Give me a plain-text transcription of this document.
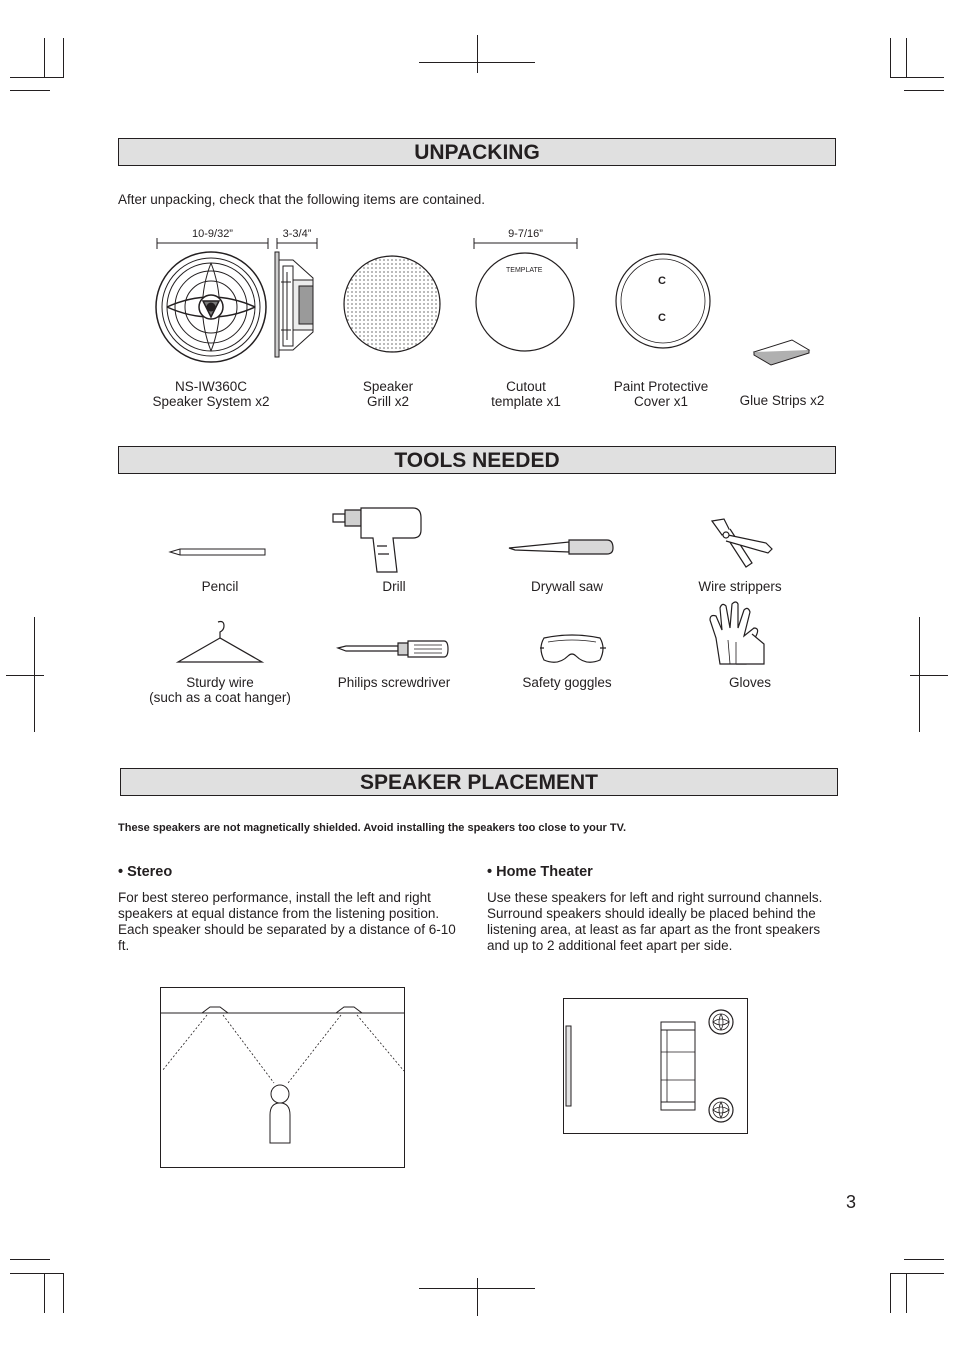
UNPACKING
After unpacking, check that the following items are contained.
10-9/32”	3-3/4”	9-7/16”
TEMPLATE
C
C
NS-IW360C
Speaker System x2
Speaker
Grill x2
Cutout
template x1
Paint Protective
Cover x1	Glue Strips x2
TOOLS NEEDED
Pencil	Drill	Drywall saw	Wire strippers
Sturdy wire
(such as a coat hanger)
Philips screwdriver	Safety goggles	Gloves
SPEAKER PLACEMENT
These speakers are not magnetically shielded. Avoid installing the speakers too close to your TV.
• Stereo
For best stereo performance, install the left and right speakers at equal distance from the listening position. Each speaker should be separated by a distance of 6-10 ft.
• Home Theater
Use these speakers for left and right surround channels. Surround speakers should ideally be placed behind the listening area, at least as far apart as the front speakers and up to 2 additional feet apart per side.
3
